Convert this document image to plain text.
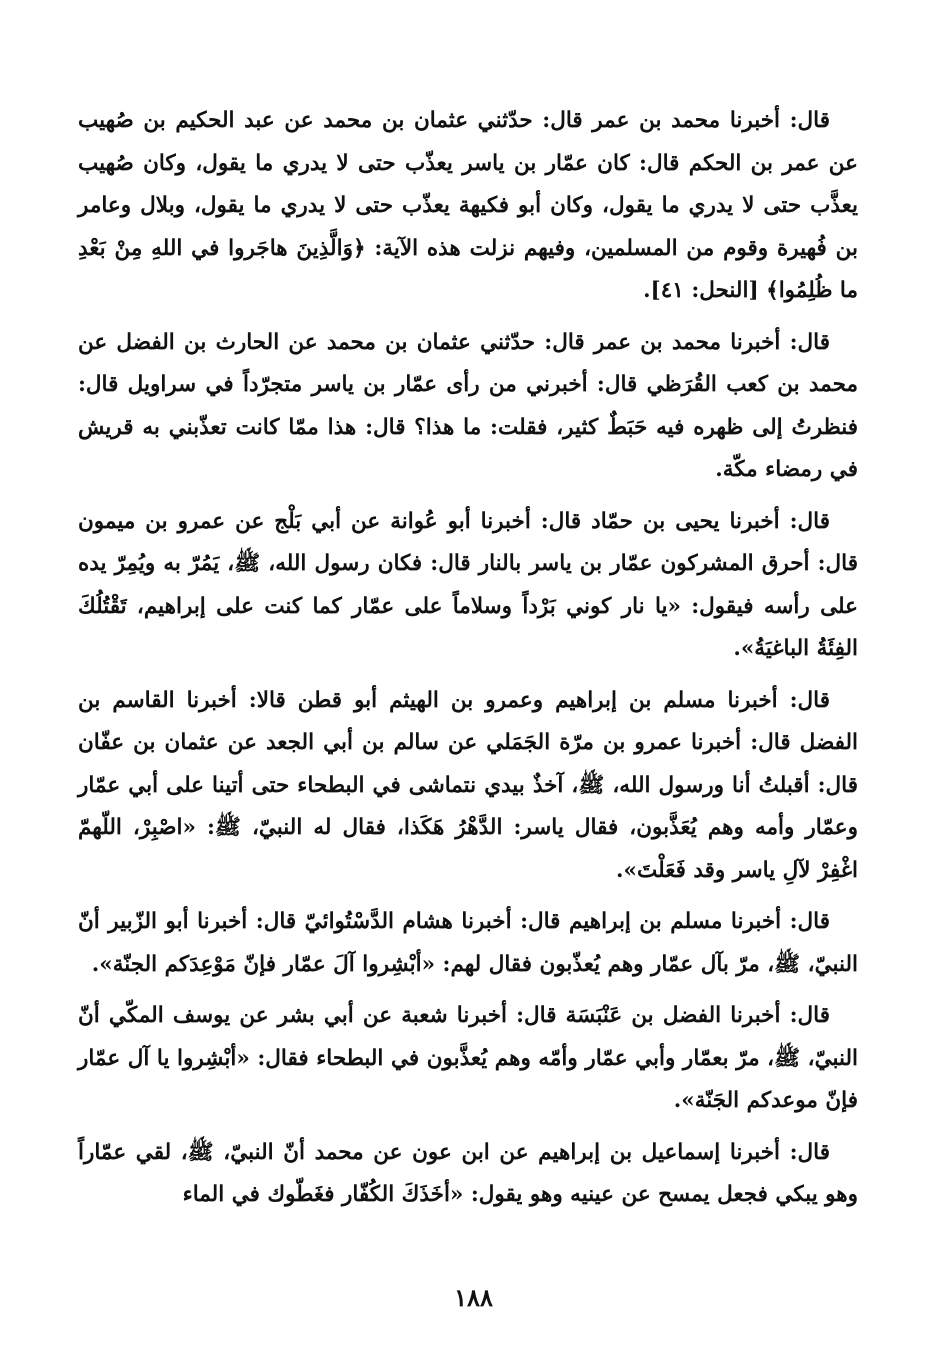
قال: أخبرنا محمد بن عمر قال: حدّثني عثمان بن محمد عن عبد الحكيم بن صُهيب عن عمر بن الحكم قال: كان عمّار بن ياسر يعذّب حتى لا يدري ما يقول، وكان صُهيب يعذَّب حتى لا يدري ما يقول، وكان أبو فكيهة يعذّب حتى لا يدري ما يقول، وبلال وعامر بن فُهيرة وقوم من المسلمين، وفيهم نزلت هذه الآية: ﴿وَالَّذِينَ هاجَروا في اللهِ مِنْ بَعْدِ ما ظُلِمُوا﴾ [النحل: ٤١].

قال: أخبرنا محمد بن عمر قال: حدّثني عثمان بن محمد عن الحارث بن الفضل عن محمد بن كعب القُرَظي قال: أخبرني من رأى عمّار بن ياسر متجرّداً في سراويل قال: فنظرتُ إلى ظهره فيه حَبَطٌ كثير، فقلت: ما هذا؟ قال: هذا ممّا كانت تعذّبني به قريش في رمضاء مكّة.

قال: أخبرنا يحيى بن حمّاد قال: أخبرنا أبو عُوانة عن أبي بَلْج عن عمرو بن ميمون قال: أحرق المشركون عمّار بن ياسر بالنار قال: فكان رسول الله، ﷺ، يَمُرّ به ويُمِرّ يده على رأسه فيقول: «يا نار كوني بَرْداً وسلاماً على عمّار كما كنت على إبراهيم، تَقْتُلُكَ الفِئَةُ الباغيَةُ».

قال: أخبرنا مسلم بن إبراهيم وعمرو بن الهيثم أبو قطن قالا: أخبرنا القاسم بن الفضل قال: أخبرنا عمرو بن مرّة الجَمَلي عن سالم بن أبي الجعد عن عثمان بن عفّان قال: أقبلتُ أنا ورسول الله، ﷺ، آخذٌ بيدي نتماشى في البطحاء حتى أتينا على أبي عمّار وعمّار وأمه وهم يُعَذَّبون، فقال ياسر: الدَّهْرُ هَكَذا، فقال له النبيّ، ﷺ: «اصْبِرْ، اللّهمّ اغْفِرْ لآلِ ياسر وقد فَعَلْتَ».

قال: أخبرنا مسلم بن إبراهيم قال: أخبرنا هشام الدَّسْتُوائيّ قال: أخبرنا أبو الزّبير أنّ النبيّ، ﷺ، مرّ بآل عمّار وهم يُعذّبون فقال لهم: «أبْشِروا آلَ عمّار فإنّ مَوْعِدَكم الجنّة».

قال: أخبرنا الفضل بن عَنْبَسَة قال: أخبرنا شعبة عن أبي بشر عن يوسف المكّي أنّ النبيّ، ﷺ، مرّ بعمّار وأبي عمّار وأمّه وهم يُعذَّبون في البطحاء فقال: «أبْشِروا يا آل عمّار فإنّ موعدكم الجَنّة».

قال: أخبرنا إسماعيل بن إبراهيم عن ابن عون عن محمد أنّ النبيّ، ﷺ، لقي عمّاراً وهو يبكي فجعل يمسح عن عينيه وهو يقول: «أخَذَكَ الكُفّار فغَطّوك في الماء

١٨٨
